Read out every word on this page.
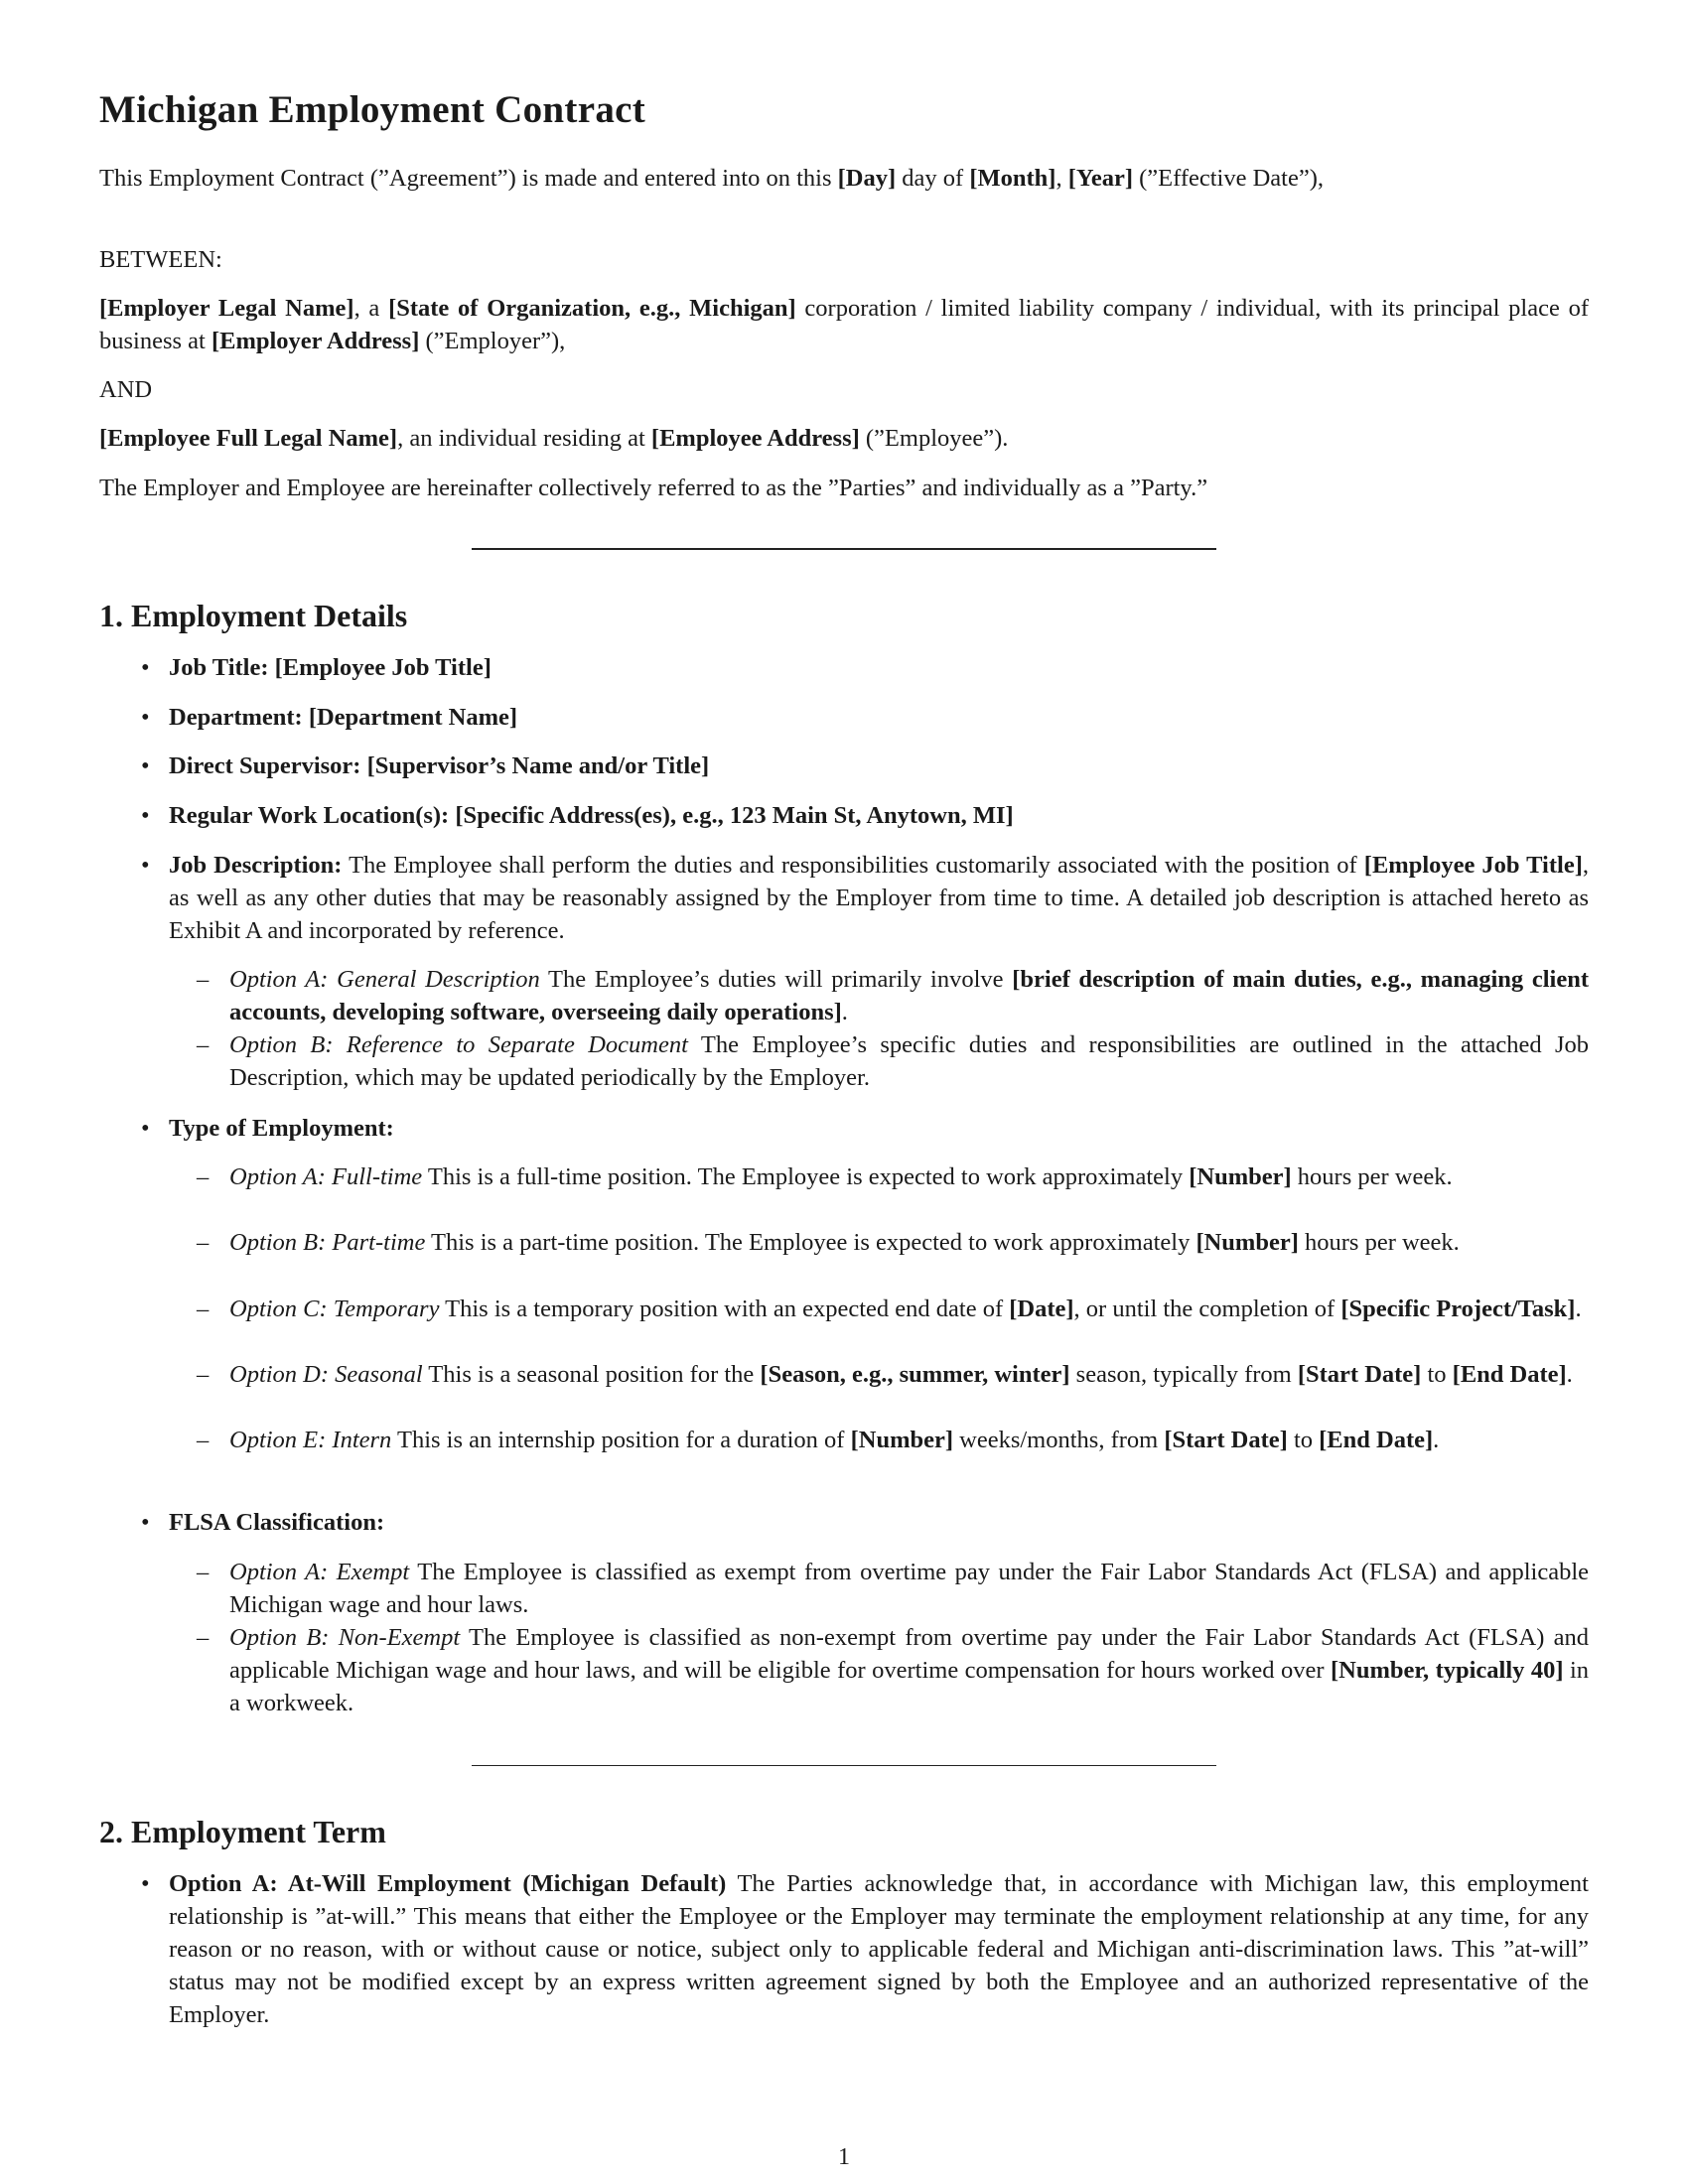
Michigan Employment Contract

This Employment Contract (”Agreement”) is made and entered into on this [Day] day of [Month], [Year] (”Effective Date”),

BETWEEN:

[Employer Legal Name], a [State of Organization, e.g., Michigan] corporation / limited liability company / individual, with its principal place of business at [Employer Address] (”Employer”),

AND

[Employee Full Legal Name], an individual residing at [Employee Address] (”Employee”).

The Employer and Employee are hereinafter collectively referred to as the ”Parties” and individually as a ”Party.”

1. Employment Details
• Job Title: [Employee Job Title]
• Department: [Department Name]
• Direct Supervisor: [Supervisor’s Name and/or Title]
• Regular Work Location(s): [Specific Address(es), e.g., 123 Main St, Anytown, MI]
• Job Description: The Employee shall perform the duties and responsibilities customarily associated with the position of [Employee Job Title], as well as any other duties that may be reasonably assigned by the Employer from time to time. A detailed job description is attached hereto as Exhibit A and incorporated by reference.
– Option A: General Description The Employee’s duties will primarily involve [brief description of main duties, e.g., managing client accounts, developing software, overseeing daily operations].
– Option B: Reference to Separate Document The Employee’s specific duties and responsibilities are outlined in the attached Job Description, which may be updated periodically by the Employer.
• Type of Employment:
– Option A: Full-time This is a full-time position. The Employee is expected to work approximately [Number] hours per week.
– Option B: Part-time This is a part-time position. The Employee is expected to work approximately [Number] hours per week.
– Option C: Temporary This is a temporary position with an expected end date of [Date], or until the completion of [Specific Project/Task].
– Option D: Seasonal This is a seasonal position for the [Season, e.g., summer, winter] season, typically from [Start Date] to [End Date].
– Option E: Intern This is an internship position for a duration of [Number] weeks/months, from [Start Date] to [End Date].
• FLSA Classification:
– Option A: Exempt The Employee is classified as exempt from overtime pay under the Fair Labor Standards Act (FLSA) and applicable Michigan wage and hour laws.
– Option B: Non-Exempt The Employee is classified as non-exempt from overtime pay under the Fair Labor Standards Act (FLSA) and applicable Michigan wage and hour laws, and will be eligible for overtime compensation for hours worked over [Number, typically 40] in a workweek.
2. Employment Term
• Option A: At-Will Employment (Michigan Default) The Parties acknowledge that, in accordance with Michigan law, this employment relationship is ”at-will.” This means that either the Employee or the Employer may terminate the employment relationship at any time, for any reason or no reason, with or without cause or notice, subject only to applicable federal and Michigan anti-discrimination laws. This ”at-will” status may not be modified except by an express written agreement signed by both the Employee and an authorized representative of the Employer.
1
